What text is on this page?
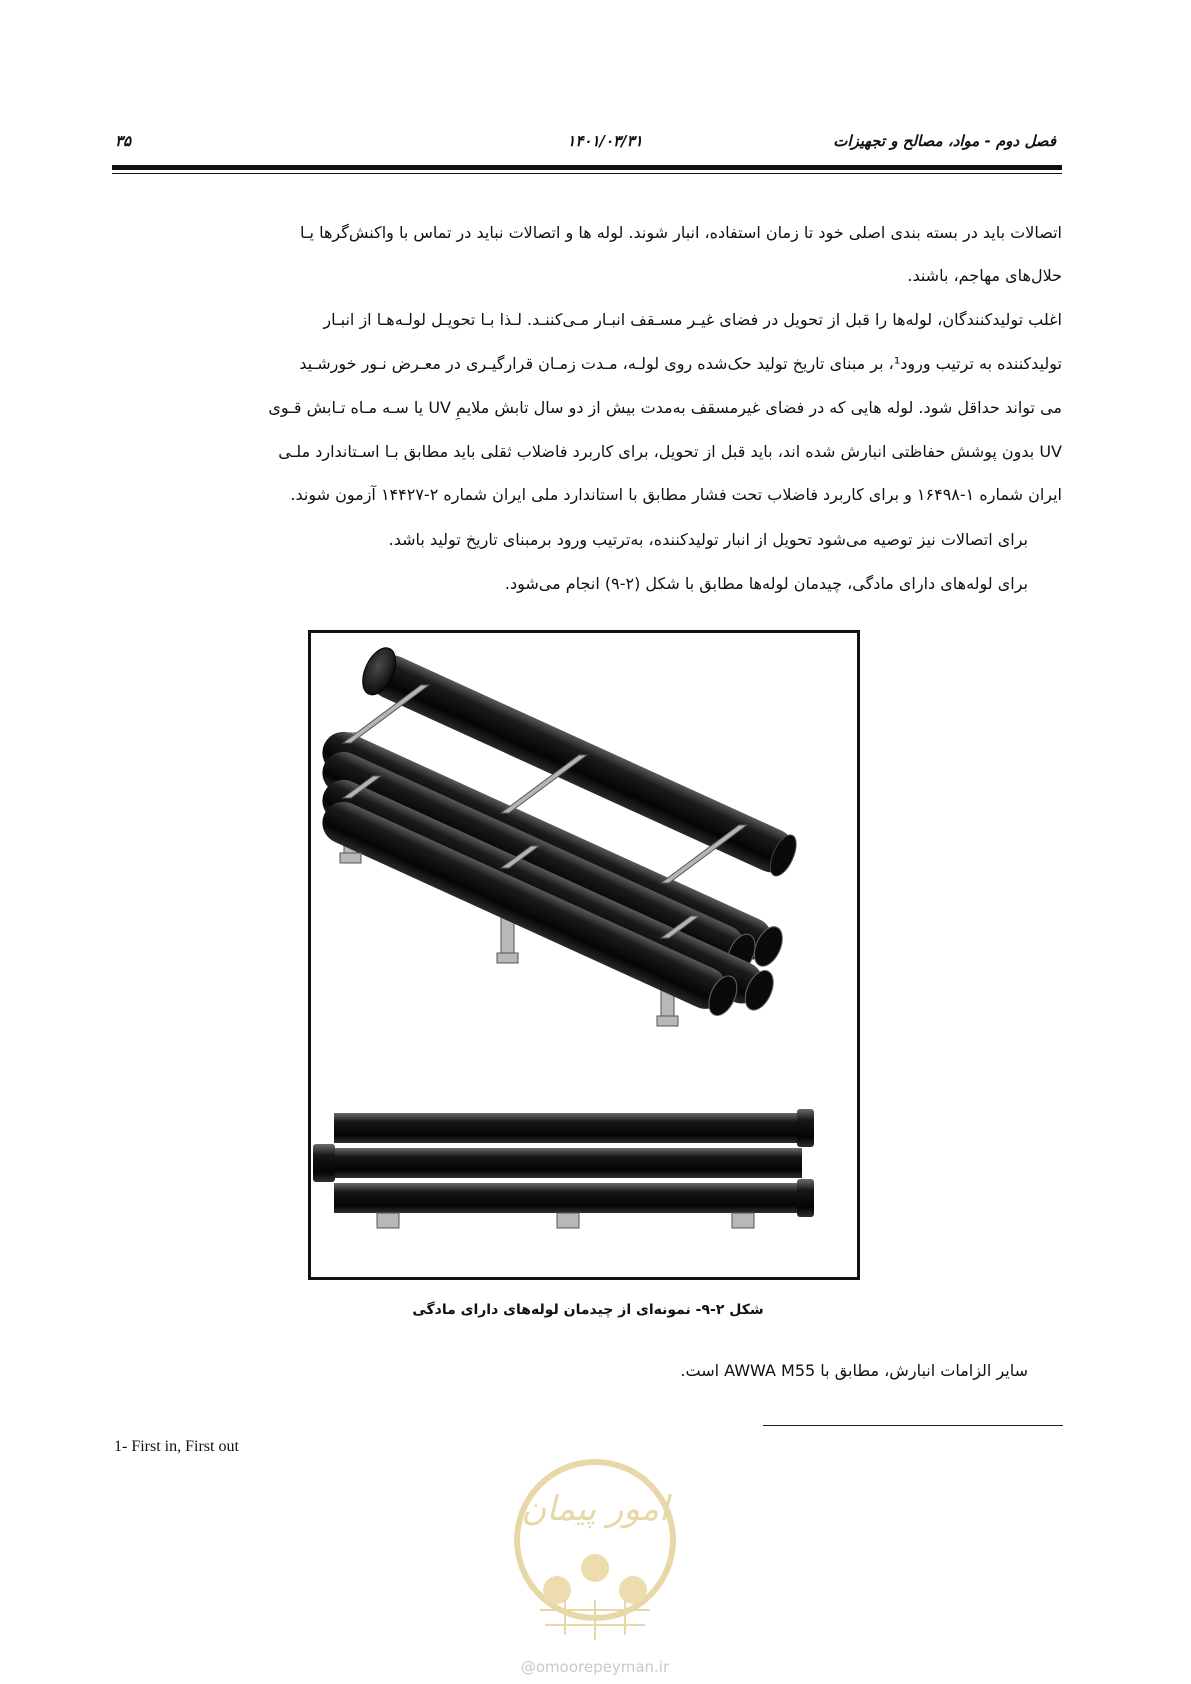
فصل دوم - مواد، مصالح و تجهیزات
۱۴۰۱/۰۳/۳۱
۳۵
اتصالات باید در بسته بندی اصلی خود تا زمان استفاده، انبار شوند. لوله ها و اتصالات نباید در تماس با واکنش‌گرها یـا
حلال‌های مهاجم، باشند.
اغلب تولیدکنندگان، لوله‌ها را قبل از تحویل در فضای غیـر مسـقف انبـار مـی‌کننـد. لـذا بـا تحویـل لولـه‌هـا از انبـار
تولیدکننده به ترتیب ورود¹، بر مبنای تاریخ تولید حک‌شده روی لولـه، مـدت زمـان قرارگیـری در معـرض نـور خورشـید
می تواند حداقل شود. لوله هایی که در فضای غیرمسقف به‌مدت بیش از دو سال تابش ملایمِ UV یا سـه مـاه تـابش قـوی
UV بدون پوشش حفاظتی انبارش شده اند، باید قبل از تحویل، برای کاربرد فاضلاب ثقلی باید مطابق بـا اسـتاندارد ملـی
ایران شماره ۱-۱۶۴۹۸ و برای کاربرد فاضلاب تحت فشار مطابق با استاندارد ملی ایران شماره ۲-۱۴۴۲۷ آزمون شوند.
برای اتصالات نیز توصیه می‌شود تحویل از انبار تولیدکننده، به‌ترتیب ورود برمبنای تاریخ تولید باشد.
برای لوله‌های دارای مادگی، چیدمان لوله‌ها مطابق با شکل (۲-۹) انجام می‌شود.
شکل ۲-۹- نمونه‌ای از چیدمان لوله‌های دارای مادگی
سایر الزامات انبارش، مطابق با AWWA M55 است.
1- First in, First out
امور پیمان
@omoorepeyman.ir
